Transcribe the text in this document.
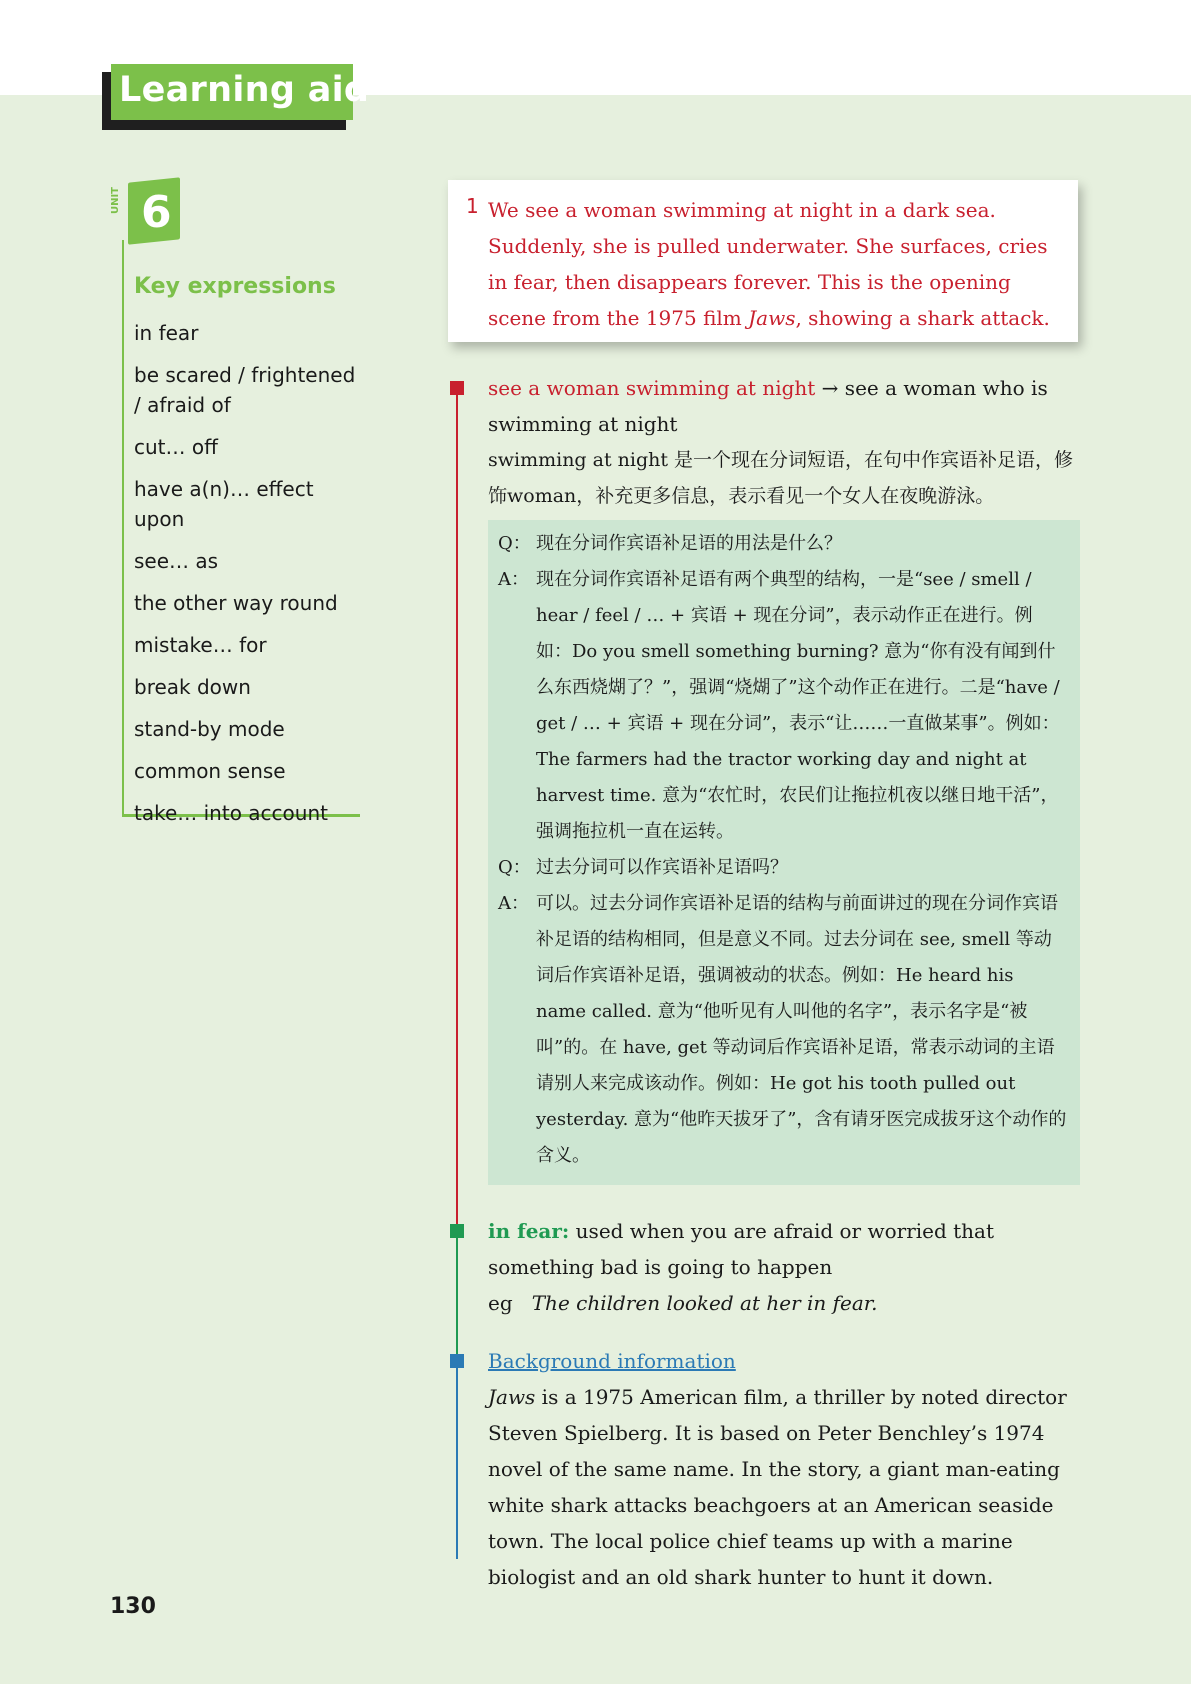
Learning aid
UNIT 6
Key expressions
in fear
be scared / frightened / afraid of
cut… off
have a(n)… effect upon
see… as
the other way round
mistake… for
break down
stand-by mode
common sense
take… into account
1 We see a woman swimming at night in a dark sea. Suddenly, she is pulled underwater. She surfaces, cries in fear, then disappears forever. This is the opening scene from the 1975 film Jaws, showing a shark attack.
see a woman swimming at night → see a woman who is swimming at night
swimming at night 是一个现在分词短语，在句中作宾语补足语，修饰woman，补充更多信息，表示看见一个女人在夜晚游泳。
Q： 现在分词作宾语补足语的用法是什么？
A： 现在分词作宾语补足语有两个典型的结构，一是“see / smell / hear / feel / … + 宾语 + 现在分词”，表示动作正在进行。例如：Do you smell something burning? 意为“你有没有闻到什么东西烧煳了？”，强调“烧煳了”这个动作正在进行。二是“have / get / … + 宾语 + 现在分词”，表示“让……一直做某事”。例如：The farmers had the tractor working day and night at harvest time. 意为“农忙时，农民们让拖拉机夜以继日地干活”，强调拖拉机一直在运转。
Q： 过去分词可以作宾语补足语吗？
A： 可以。过去分词作宾语补足语的结构与前面讲过的现在分词作宾语补足语的结构相同，但是意义不同。过去分词在 see, smell 等动词后作宾语补足语，强调被动的状态。例如：He heard his name called. 意为“他听见有人叫他的名字”，表示名字是“被叫”的。在 have, get 等动词后作宾语补足语，常表示动词的主语请别人来完成该动作。例如：He got his tooth pulled out yesterday. 意为“他昨天拔牙了”，含有请牙医完成拔牙这个动作的含义。
in fear: used when you are afraid or worried that something bad is going to happen
eg The children looked at her in fear.
Background information
Jaws is a 1975 American film, a thriller by noted director Steven Spielberg. It is based on Peter Benchley’s 1974 novel of the same name. In the story, a giant man-eating white shark attacks beachgoers at an American seaside town. The local police chief teams up with a marine biologist and an old shark hunter to hunt it down.
130
